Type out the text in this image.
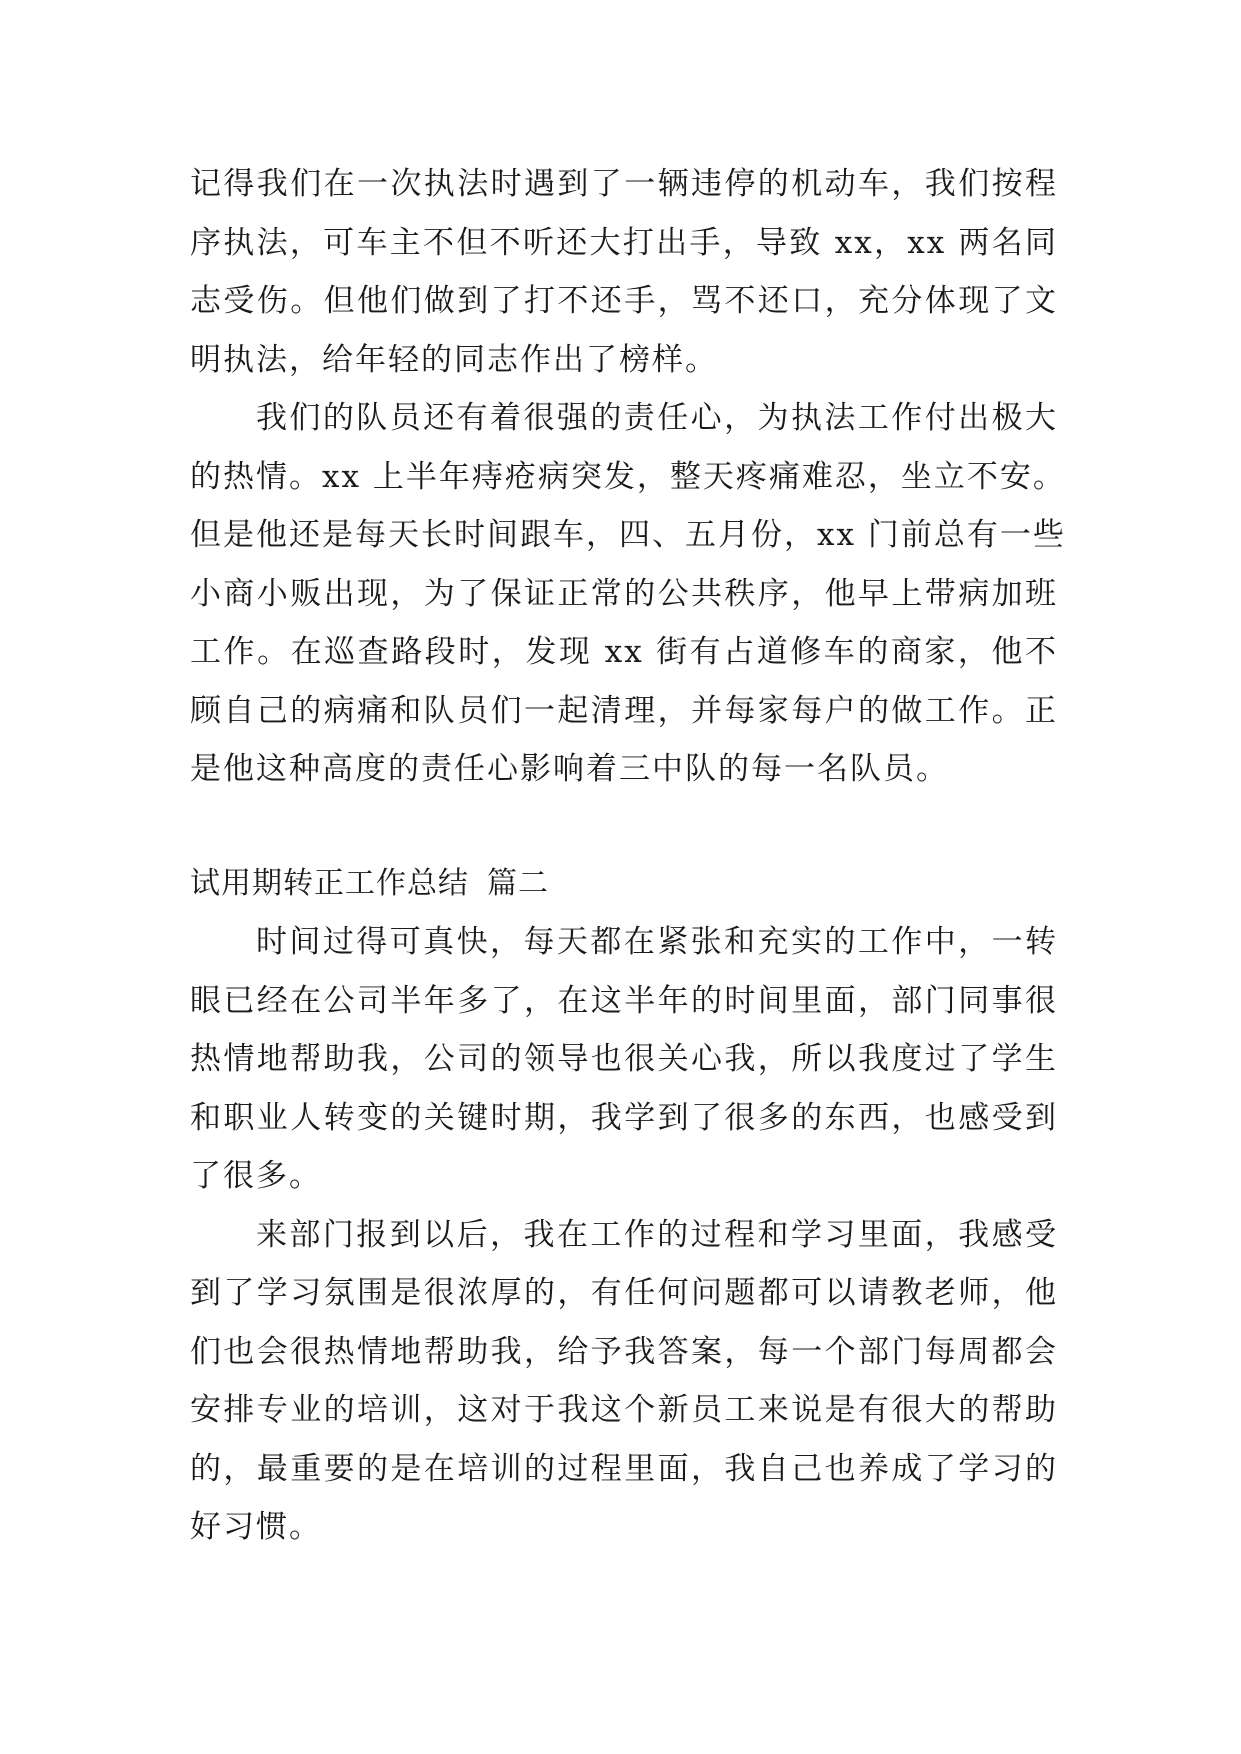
记得我们在一次执法时遇到了一辆违停的机动车，我们按程
序执法，可车主不但不听还大打出手，导致 xx，xx 两名同
志受伤。但他们做到了打不还手，骂不还口，充分体现了文
明执法，给年轻的同志作出了榜样。
我们的队员还有着很强的责任心，为执法工作付出极大
的热情。xx 上半年痔疮病突发，整天疼痛难忍，坐立不安。
但是他还是每天长时间跟车，四、五月份，xx 门前总有一些
小商小贩出现，为了保证正常的公共秩序，他早上带病加班
工作。在巡查路段时，发现 xx 街有占道修车的商家，他不
顾自己的病痛和队员们一起清理，并每家每户的做工作。正
是他这种高度的责任心影响着三中队的每一名队员。
试用期转正工作总结 篇二
时间过得可真快，每天都在紧张和充实的工作中，一转
眼已经在公司半年多了，在这半年的时间里面，部门同事很
热情地帮助我，公司的领导也很关心我，所以我度过了学生
和职业人转变的关键时期，我学到了很多的东西，也感受到
了很多。
来部门报到以后，我在工作的过程和学习里面，我感受
到了学习氛围是很浓厚的，有任何问题都可以请教老师，他
们也会很热情地帮助我，给予我答案，每一个部门每周都会
安排专业的培训，这对于我这个新员工来说是有很大的帮助
的，最重要的是在培训的过程里面，我自己也养成了学习的
好习惯。
